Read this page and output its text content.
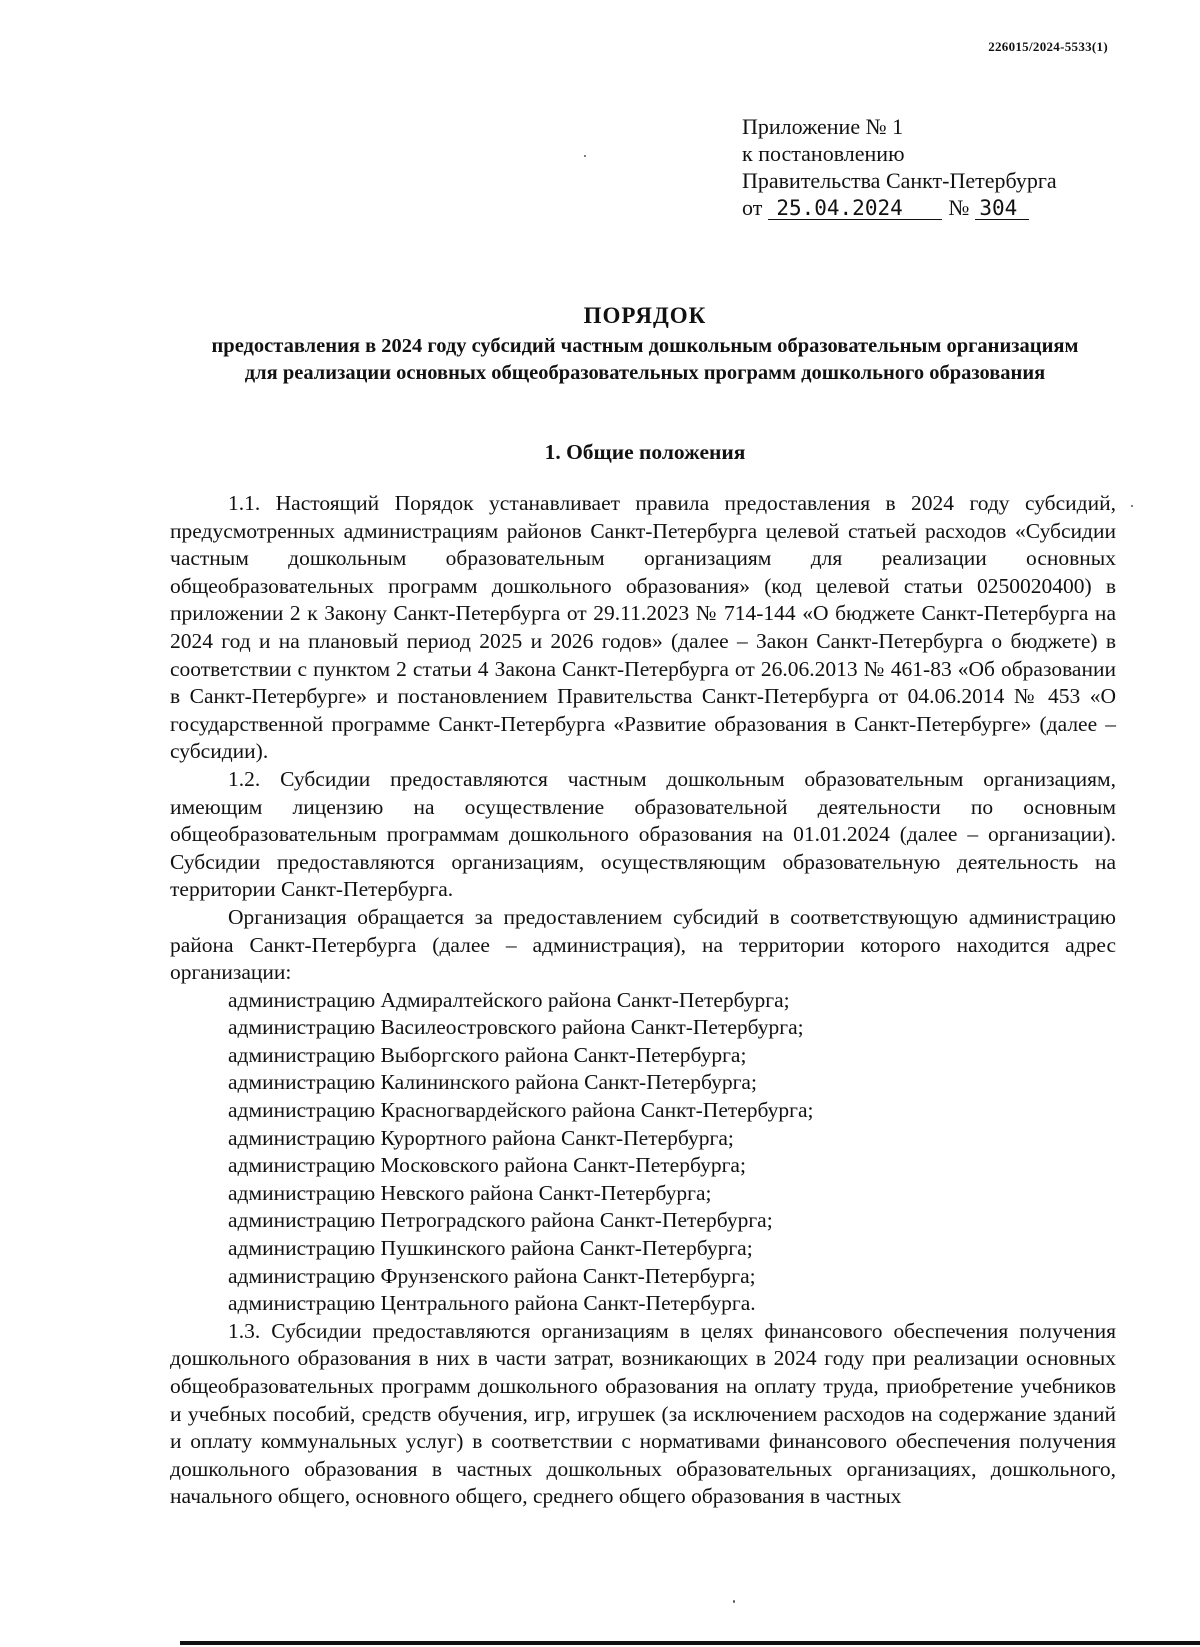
226015/2024-5533(1)
Приложение № 1
к постановлению
Правительства Санкт-Петербурга
от 25.04.2024 № 304
ПОРЯДОК
предоставления в 2024 году субсидий частным дошкольным образовательным организациям для реализации основных общеобразовательных программ дошкольного образования
1. Общие положения

1.1. Настоящий Порядок устанавливает правила предоставления в 2024 году субсидий, предусмотренных администрациям районов Санкт-Петербурга целевой статьей расходов «Субсидии частным дошкольным образовательным организациям для реализации основных общеобразовательных программ дошкольного образования» (код целевой статьи 0250020400) в приложении 2 к Закону Санкт-Петербурга от 29.11.2023 № 714-144 «О бюджете Санкт-Петербурга на 2024 год и на плановый период 2025 и 2026 годов» (далее – Закон Санкт-Петербурга о бюджете) в соответствии с пунктом 2 статьи 4 Закона Санкт-Петербурга от 26.06.2013 № 461-83 «Об образовании в Санкт-Петербурге» и постановлением Правительства Санкт-Петербурга от 04.06.2014 № 453 «О государственной программе Санкт-Петербурга «Развитие образования в Санкт-Петербурге» (далее – субсидии).

1.2. Субсидии предоставляются частным дошкольным образовательным организациям, имеющим лицензию на осуществление образовательной деятельности по основным общеобразовательным программам дошкольного образования на 01.01.2024 (далее – организации). Субсидии предоставляются организациям, осуществляющим образовательную деятельность на территории Санкт-Петербурга.

Организация обращается за предоставлением субсидий в соответствующую администрацию района Санкт-Петербурга (далее – администрация), на территории которого находится адрес организации:

администрацию Адмиралтейского района Санкт-Петербурга;

администрацию Василеостровского района Санкт-Петербурга;

администрацию Выборгского района Санкт-Петербурга;

администрацию Калининского района Санкт-Петербурга;

администрацию Красногвардейского района Санкт-Петербурга;

администрацию Курортного района Санкт-Петербурга;

администрацию Московского района Санкт-Петербурга;

администрацию Невского района Санкт-Петербурга;

администрацию Петроградского района Санкт-Петербурга;

администрацию Пушкинского района Санкт-Петербурга;

администрацию Фрунзенского района Санкт-Петербурга;

администрацию Центрального района Санкт-Петербурга.

1.3. Субсидии предоставляются организациям в целях финансового обеспечения получения дошкольного образования в них в части затрат, возникающих в 2024 году при реализации основных общеобразовательных программ дошкольного образования на оплату труда, приобретение учебников и учебных пособий, средств обучения, игр, игрушек (за исключением расходов на содержание зданий и оплату коммунальных услуг) в соответствии с нормативами финансового обеспечения получения дошкольного образования в частных дошкольных образовательных организациях, дошкольного, начального общего, основного общего, среднего общего образования в частных
